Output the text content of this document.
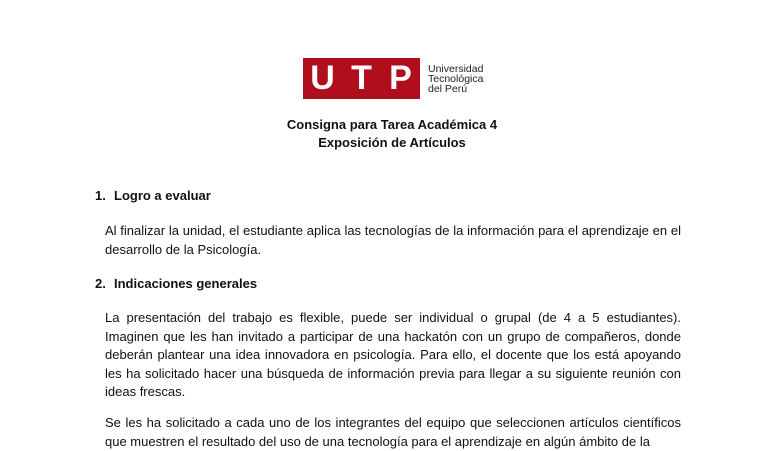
U T P	Universidad
Tecnológica
del Perú
Consigna para Tarea Académica 4
Exposición de Artículos
1. Logro a evaluar
Al finalizar la unidad, el estudiante aplica las tecnologías de la información para el aprendizaje en el desarrollo de la Psicología.
2. Indicaciones generales
La presentación del trabajo es flexible, puede ser individual o grupal (de 4 a 5 estudiantes). Imaginen que les han invitado a participar de una hackatón con un grupo de compañeros, donde deberán plantear una idea innovadora en psicología. Para ello, el docente que los está apoyando les ha solicitado hacer una búsqueda de información previa para llegar a su siguiente reunión con ideas frescas.
Se les ha solicitado a cada uno de los integrantes del equipo que seleccionen artículos científicos que muestren el resultado del uso de una tecnología para el aprendizaje en algún ámbito de la
